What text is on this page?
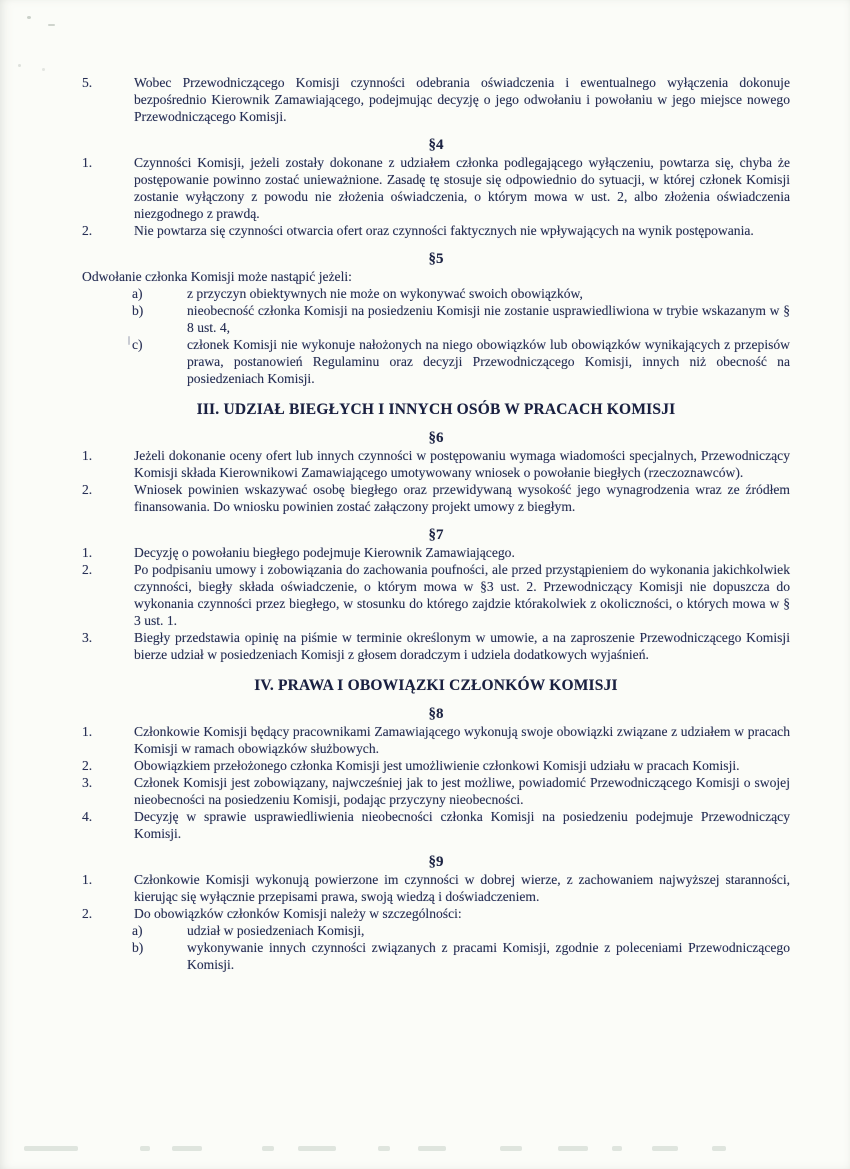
5.	Wobec Przewodniczącego Komisji czynności odebrania oświadczenia i ewentualnego wyłączenia dokonuje bezpośrednio Kierownik Zamawiającego, podejmując decyzję o jego odwołaniu i powołaniu w jego miejsce nowego Przewodniczącego Komisji.
§4
1.	Czynności Komisji, jeżeli zostały dokonane z udziałem członka podlegającego wyłączeniu, powtarza się, chyba że postępowanie powinno zostać unieważnione. Zasadę tę stosuje się odpowiednio do sytuacji, w której członek Komisji zostanie wyłączony z powodu nie złożenia oświadczenia, o którym mowa w ust. 2, albo złożenia oświadczenia niezgodnego z prawdą.
2.	Nie powtarza się czynności otwarcia ofert oraz czynności faktycznych nie wpływających na wynik postępowania.
§5
Odwołanie członka Komisji może nastąpić jeżeli:
a)	z przyczyn obiektywnych nie może on wykonywać swoich obowiązków,
b)	nieobecność członka Komisji na posiedzeniu Komisji nie zostanie usprawiedliwiona w trybie wskazanym w § 8 ust. 4,
c)	członek Komisji nie wykonuje nałożonych na niego obowiązków lub obowiązków wynikających z przepisów prawa, postanowień Regulaminu oraz decyzji Przewodniczącego Komisji, innych niż obecność na posiedzeniach Komisji.
III. UDZIAŁ BIEGŁYCH I INNYCH OSÓB W PRACACH KOMISJI
§6
1.	Jeżeli dokonanie oceny ofert lub innych czynności w postępowaniu wymaga wiadomości specjalnych, Przewodniczący Komisji składa Kierownikowi Zamawiającego umotywowany wniosek o powołanie biegłych (rzeczoznawców).
2.	Wniosek powinien wskazywać osobę biegłego oraz przewidywaną wysokość jego wynagrodzenia wraz ze źródłem finansowania. Do wniosku powinien zostać załączony projekt umowy z biegłym.
§7
1.	Decyzję o powołaniu biegłego podejmuje Kierownik Zamawiającego.
2.	Po podpisaniu umowy i zobowiązania do zachowania poufności, ale przed przystąpieniem do wykonania jakichkolwiek czynności, biegły składa oświadczenie, o którym mowa w §3 ust. 2. Przewodniczący Komisji nie dopuszcza do wykonania czynności przez biegłego, w stosunku do którego zajdzie którakolwiek z okoliczności, o których mowa w § 3 ust. 1.
3.	Biegły przedstawia opinię na piśmie w terminie określonym w umowie, a na zaproszenie Przewodniczącego Komisji bierze udział w posiedzeniach Komisji z głosem doradczym i udziela dodatkowych wyjaśnień.
IV. PRAWA I OBOWIĄZKI CZŁONKÓW KOMISJI
§8
1.	Członkowie Komisji będący pracownikami Zamawiającego wykonują swoje obowiązki związane z udziałem w pracach Komisji w ramach obowiązków służbowych.
2.	Obowiązkiem przełożonego członka Komisji jest umożliwienie członkowi Komisji udziału w pracach Komisji.
3.	Członek Komisji jest zobowiązany, najwcześniej jak to jest możliwe, powiadomić Przewodniczącego Komisji o swojej nieobecności na posiedzeniu Komisji, podając przyczyny nieobecności.
4.	Decyzję w sprawie usprawiedliwienia nieobecności członka Komisji na posiedzeniu podejmuje Przewodniczący Komisji.
§9
1.	Członkowie Komisji wykonują powierzone im czynności w dobrej wierze, z zachowaniem najwyższej staranności, kierując się wyłącznie przepisami prawa, swoją wiedzą i doświadczeniem.
2.	Do obowiązków członków Komisji należy w szczególności:
a)	udział w posiedzeniach Komisji,
b)	wykonywanie innych czynności związanych z pracami Komisji, zgodnie z poleceniami Przewodniczącego Komisji.
